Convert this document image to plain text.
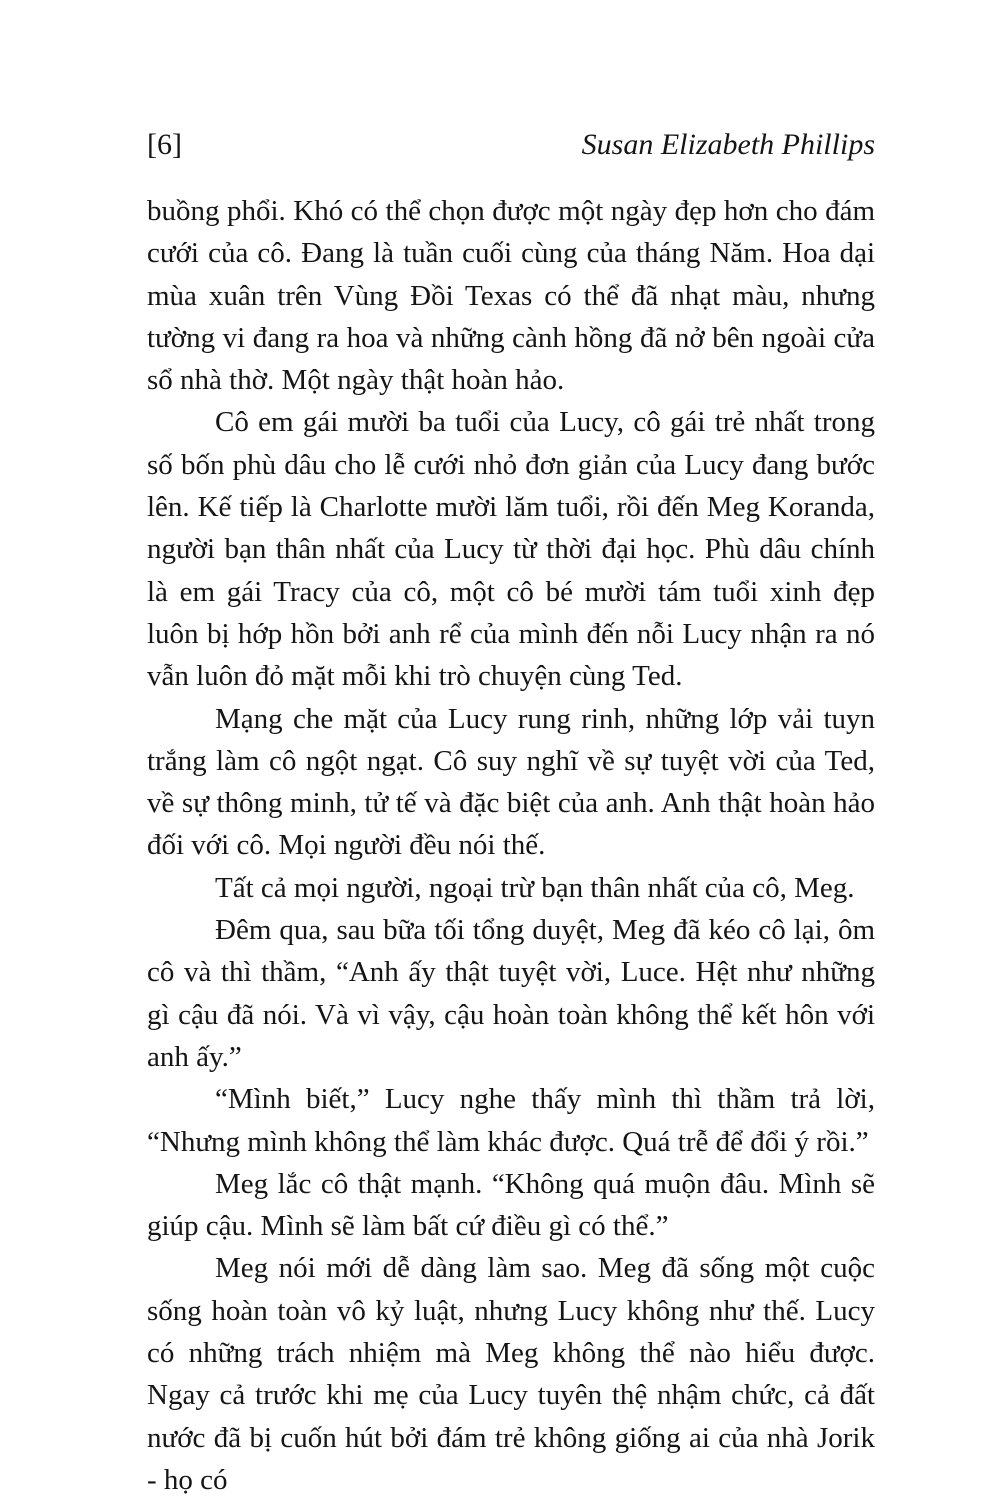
[6]	Susan Elizabeth Phillips

buồng phổi. Khó có thể chọn được một ngày đẹp hơn cho đám cưới của cô. Đang là tuần cuối cùng của tháng Năm. Hoa dại mùa xuân trên Vùng Đồi Texas có thể đã nhạt màu, nhưng tường vi đang ra hoa và những cành hồng đã nở bên ngoài cửa sổ nhà thờ. Một ngày thật hoàn hảo.

Cô em gái mười ba tuổi của Lucy, cô gái trẻ nhất trong số bốn phù dâu cho lễ cưới nhỏ đơn giản của Lucy đang bước lên. Kế tiếp là Charlotte mười lăm tuổi, rồi đến Meg Koranda, người bạn thân nhất của Lucy từ thời đại học. Phù dâu chính là em gái Tracy của cô, một cô bé mười tám tuổi xinh đẹp luôn bị hớp hồn bởi anh rể của mình đến nỗi Lucy nhận ra nó vẫn luôn đỏ mặt mỗi khi trò chuyện cùng Ted.

Mạng che mặt của Lucy rung rinh, những lớp vải tuyn trắng làm cô ngột ngạt. Cô suy nghĩ về sự tuyệt vời của Ted, về sự thông minh, tử tế và đặc biệt của anh. Anh thật hoàn hảo đối với cô. Mọi người đều nói thế.

Tất cả mọi người, ngoại trừ bạn thân nhất của cô, Meg.

Đêm qua, sau bữa tối tổng duyệt, Meg đã kéo cô lại, ôm cô và thì thầm, “Anh ấy thật tuyệt vời, Luce. Hệt như những gì cậu đã nói. Và vì vậy, cậu hoàn toàn không thể kết hôn với anh ấy.”

“Mình biết,” Lucy nghe thấy mình thì thầm trả lời, “Nhưng mình không thể làm khác được. Quá trễ để đổi ý rồi.”

Meg lắc cô thật mạnh. “Không quá muộn đâu. Mình sẽ giúp cậu. Mình sẽ làm bất cứ điều gì có thể.”

Meg nói mới dễ dàng làm sao. Meg đã sống một cuộc sống hoàn toàn vô kỷ luật, nhưng Lucy không như thế. Lucy có những trách nhiệm mà Meg không thể nào hiểu được. Ngay cả trước khi mẹ của Lucy tuyên thệ nhậm chức, cả đất nước đã bị cuốn hút bởi đám trẻ không giống ai của nhà Jorik - họ có
